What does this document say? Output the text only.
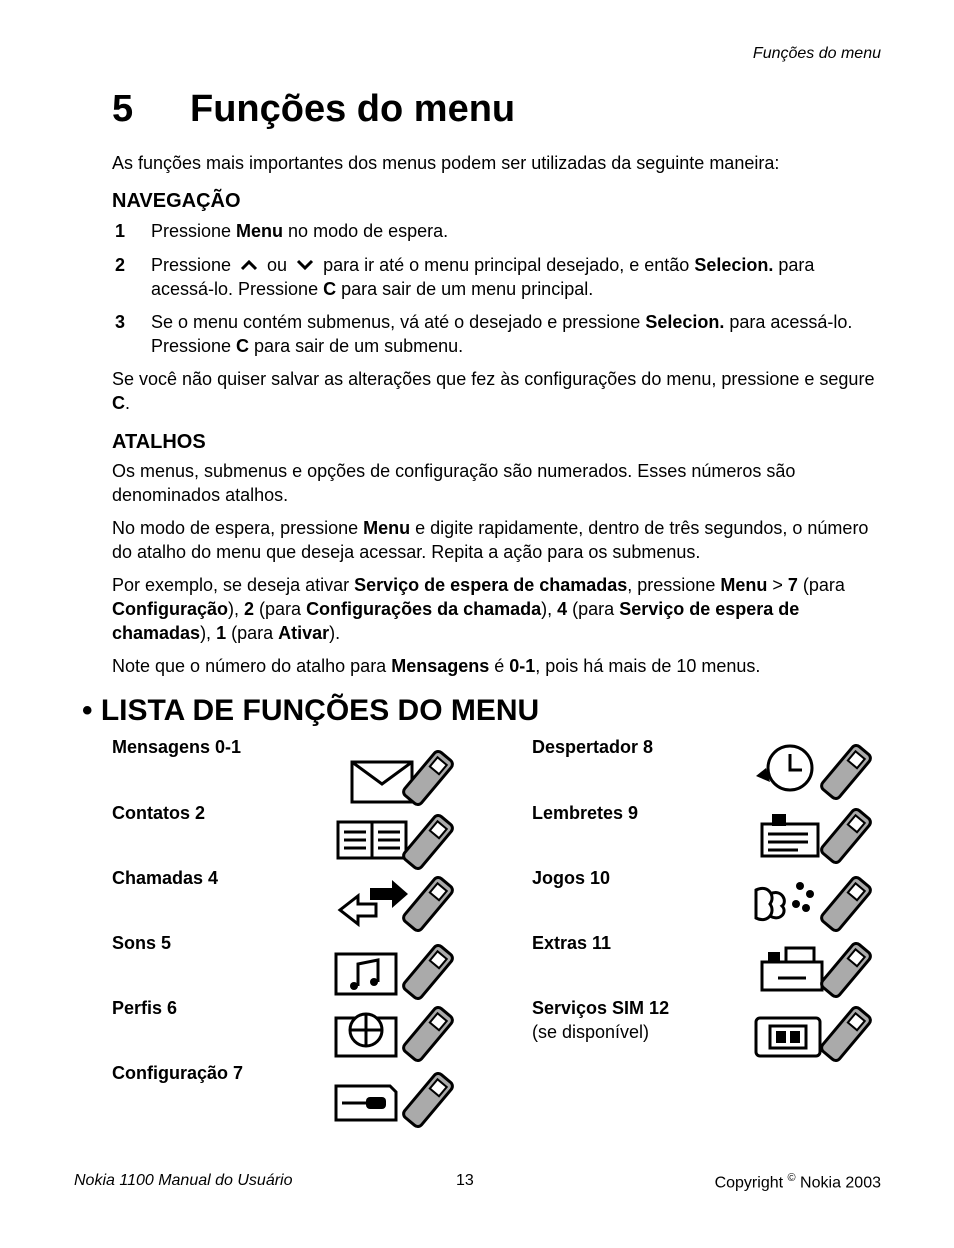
Funções do menu
5 Funções do menu
As funções mais importantes dos menus podem ser utilizadas da seguinte maneira:
NAVEGAÇÃO
1 Pressione Menu no modo de espera.
2 Pressione  ou  para ir até o menu principal desejado, e então Selecion. para acessá-lo. Pressione C para sair de um menu principal.
3 Se o menu contém submenus, vá até o desejado e pressione Selecion. para acessá-lo. Pressione C para sair de um submenu.
Se você não quiser salvar as alterações que fez às configurações do menu, pressione e segure C.
ATALHOS
Os menus, submenus e opções de configuração são numerados. Esses números são denominados atalhos.
No modo de espera, pressione Menu e digite rapidamente, dentro de três segundos, o número do atalho do menu que deseja acessar. Repita a ação para os submenus.
Por exemplo, se deseja ativar Serviço de espera de chamadas, pressione Menu > 7 (para Configuração), 2 (para Configurações da chamada), 4 (para Serviço de espera de chamadas), 1 (para Ativar).
Note que o número do atalho para Mensagens é 0-1, pois há mais de 10 menus.
• LISTA DE FUNÇÕES DO MENU
Mensagens 0-1
Contatos 2
Chamadas 4
Sons 5
Perfis 6
Configuração 7
Despertador 8
Lembretes 9
Jogos 10
Extras 11
Serviços SIM 12
(se disponível)
Nokia 1100 Manual do Usuário	13	Copyright © Nokia 2003
